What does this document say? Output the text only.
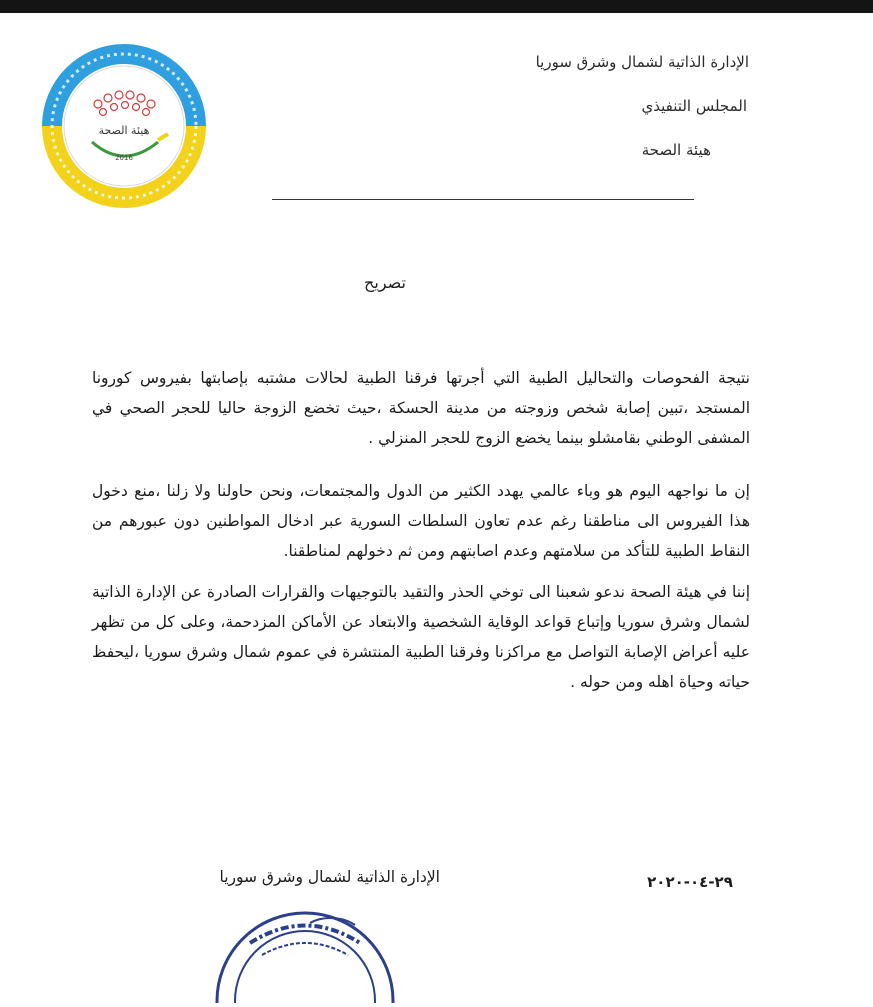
هيئة الصحة
2016
الإدارة الذاتية لشمال وشرق سوريا
المجلس التنفيذي
هيئة الصحة
تصريح
نتيجة الفحوصات والتحاليل الطبية التي أجرتها فرقنا الطبية لحالات مشتبه بإصابتها بفيروس كورونا المستجد ،تبين إصابة شخص وزوجته من مدينة الحسكة ،حيث تخضع الزوجة حاليا للحجر الصحي في المشفى الوطني بقامشلو بينما يخضع الزوج للحجر المنزلي .
إن ما نواجهه اليوم هو وباء عالمي يهدد الكثير من الدول والمجتمعات، ونحن حاولنا ولا زلنا ،منع دخول هذا الفيروس الى مناطقنا رغم عدم تعاون السلطات السورية عبر ادخال المواطنين دون عبورهم من النقاط الطبية للتأكد من سلامتهم وعدم اصابتهم ومن ثم دخولهم لمناطقنا.
إننا في هيئة الصحة ندعو شعبنا الى توخي الحذر والتقيد بالتوجيهات والقرارات الصادرة عن الإدارة الذاتية لشمال وشرق سوريا وإتباع قواعد الوقاية الشخصية والابتعاد عن الأماكن المزدحمة، وعلى كل من تظهر عليه أعراض الإصابة التواصل مع مراكزنا وفرقنا الطبية المنتشرة في عموم شمال وشرق سوريا ،ليحفظ حياته وحياة اهله ومن حوله .
٢٩-٠٤-٢٠٢٠
الإدارة الذاتية لشمال وشرق سوريا
